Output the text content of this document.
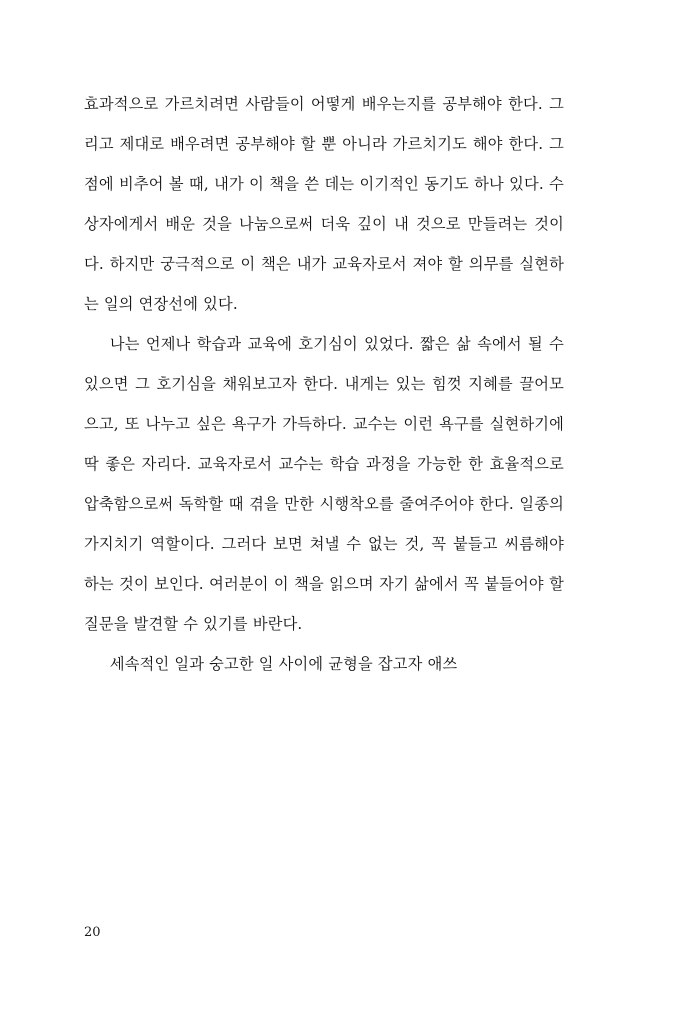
효과적으로 가르치려면 사람들이 어떻게 배우는지를 공부해야 한다. 그리고 제대로 배우려면 공부해야 할 뿐 아니라 가르치기도 해야 한다. 그 점에 비추어 볼 때, 내가 이 책을 쓴 데는 이기적인 동기도 하나 있다. 수상자에게서 배운 것을 나눔으로써 더욱 깊이 내 것으로 만들려는 것이다. 하지만 궁극적으로 이 책은 내가 교육자로서 져야 할 의무를 실현하는 일의 연장선에 있다.

나는 언제나 학습과 교육에 호기심이 있었다. 짧은 삶 속에서 될 수 있으면 그 호기심을 채워보고자 한다. 내게는 있는 힘껏 지혜를 끌어모으고, 또 나누고 싶은 욕구가 가득하다. 교수는 이런 욕구를 실현하기에 딱 좋은 자리다. 교육자로서 교수는 학습 과정을 가능한 한 효율적으로 압축함으로써 독학할 때 겪을 만한 시행착오를 줄여주어야 한다. 일종의 가지치기 역할이다. 그러다 보면 쳐낼 수 없는 것, 꼭 붙들고 씨름해야 하는 것이 보인다. 여러분이 이 책을 읽으며 자기 삶에서 꼭 붙들어야 할 질문을 발견할 수 있기를 바란다.

세속적인 일과 숭고한 일 사이에 균형을 잡고자 애쓰

20
